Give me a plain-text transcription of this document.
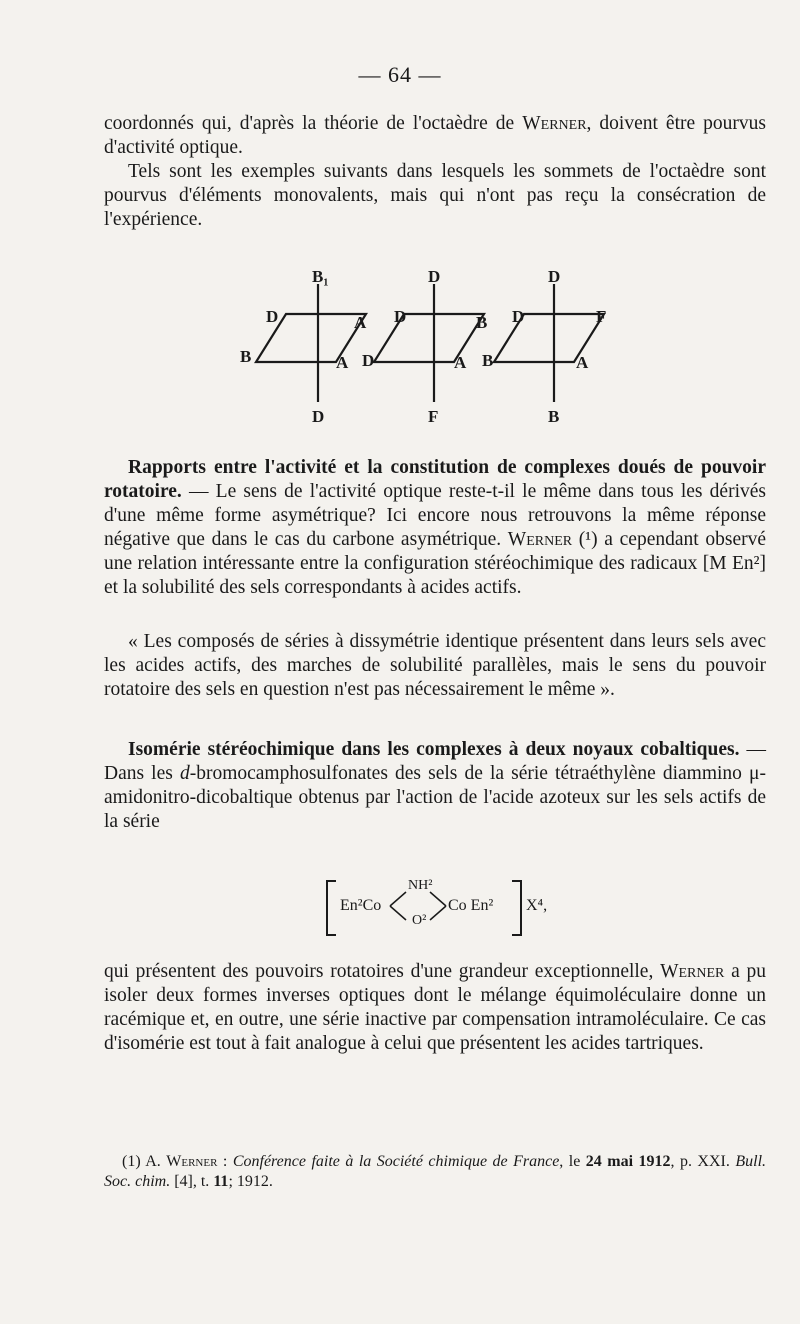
— 64 —

coordonnés qui, d'après la théorie de l'octaèdre de Werner, doivent être pourvus d'activité optique.

Tels sont les exemples suivants dans lesquels les sommets de l'octaèdre sont pourvus d'éléments monovalents, mais qui n'ont pas reçu la consécration de l'expérience.

B₁
D
D	A
B	A
D
F
D	B
D	A
D
B
D	F
B	A

Rapports entre l'activité et la constitution de complexes doués de pouvoir rotatoire. — Le sens de l'activité optique reste-t-il le même dans tous les dérivés d'une même forme asymétrique? Ici encore nous retrouvons la même réponse négative que dans le cas du carbone asymétrique. Werner (¹) a cependant observé une relation intéressante entre la configuration stéréochimique des radicaux [M En²] et la solubilité des sels correspondants à acides actifs.

« Les composés de séries à dissymétrie identique présentent dans leurs sels avec les acides actifs, des marches de solubilité parallèles, mais le sens du pouvoir rotatoire des sels en question n'est pas nécessairement le même ».

Isomérie stéréochimique dans les complexes à deux noyaux cobaltiques. — Dans les d-bromocamphosulfonates des sels de la série tétraéthylène diammino μ-amidonitro-dicobaltique obtenus par l'action de l'acide azoteux sur les sels actifs de la série

En²Co
NH²
O²
Co En² X⁴,

qui présentent des pouvoirs rotatoires d'une grandeur exceptionnelle, Werner a pu isoler deux formes inverses optiques dont le mélange équimoléculaire donne un racémique et, en outre, une série inactive par compensation intramoléculaire. Ce cas d'isomérie est tout à fait analogue à celui que présentent les acides tartriques.

(1) A. Werner : Conférence faite à la Société chimique de France, le 24 mai 1912, p. XXI. Bull. Soc. chim. [4], t. 11; 1912.
